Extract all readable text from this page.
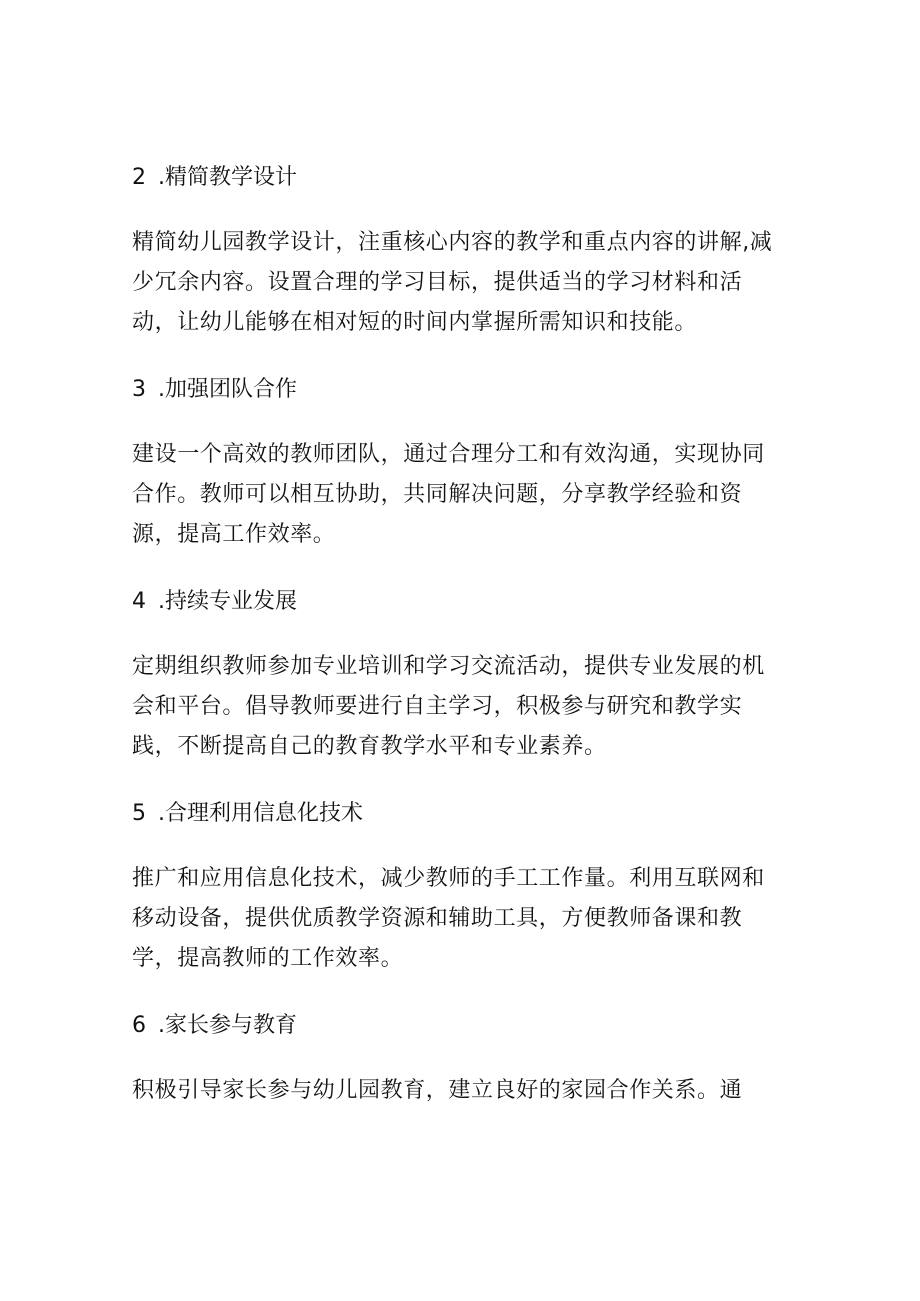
2 .精简教学设计
精简幼儿园教学设计，注重核心内容的教学和重点内容的讲解,减
少冗余内容。设置合理的学习目标，提供适当的学习材料和活
动，让幼儿能够在相对短的时间内掌握所需知识和技能。
3 .加强团队合作
建设一个高效的教师团队，通过合理分工和有效沟通，实现协同
合作。教师可以相互协助，共同解决问题，分享教学经验和资
源，提高工作效率。
4 .持续专业发展
定期组织教师参加专业培训和学习交流活动，提供专业发展的机
会和平台。倡导教师要进行自主学习，积极参与研究和教学实
践，不断提高自己的教育教学水平和专业素养。
5 .合理利用信息化技术
推广和应用信息化技术，减少教师的手工工作量。利用互联网和
移动设备，提供优质教学资源和辅助工具，方便教师备课和教
学，提高教师的工作效率。
6 .家长参与教育
积极引导家长参与幼儿园教育，建立良好的家园合作关系。通
